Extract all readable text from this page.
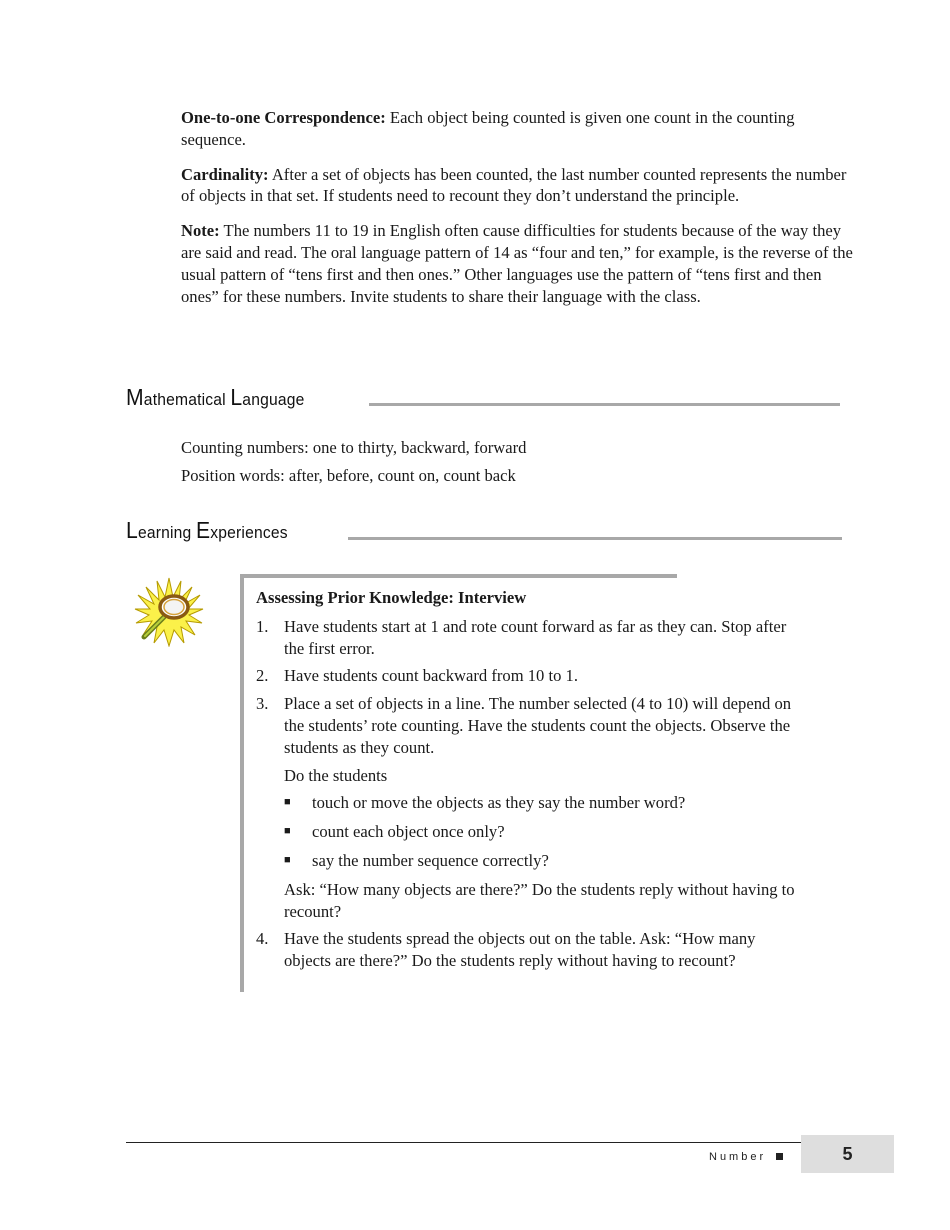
One-to-one Correspondence: Each object being counted is given one count in the counting sequence.

Cardinality: After a set of objects has been counted, the last number counted represents the number of objects in that set. If students need to recount they don’t understand the principle.

Note: The numbers 11 to 19 in English often cause difficulties for students because of the way they are said and read. The oral language pattern of 14 as “four and ten,” for example, is the reverse of the usual pattern of “tens first and then ones.” Other languages use the pattern of “tens first and then ones” for these numbers. Invite students to share their language with the class.

Mathematical Language
Counting numbers: one to thirty, backward, forward
Position words: after, before, count on, count back
Learning Experiences
Assessing Prior Knowledge: Interview
1. Have students start at 1 and rote count forward as far as they can. Stop after the first error.
2. Have students count backward from 10 to 1.
3. Place a set of objects in a line. The number selected (4 to 10) will depend on the students’ rote counting. Have the students count the objects. Observe the students as they count.
Do the students
■	touch or move the objects as they say the number word?
■	count each object once only?
■	say the number sequence correctly?
Ask: “How many objects are there?” Do the students reply without having to recount?
4. Have the students spread the objects out on the table. Ask: “How many objects are there?” Do the students reply without having to recount?
Number	5
